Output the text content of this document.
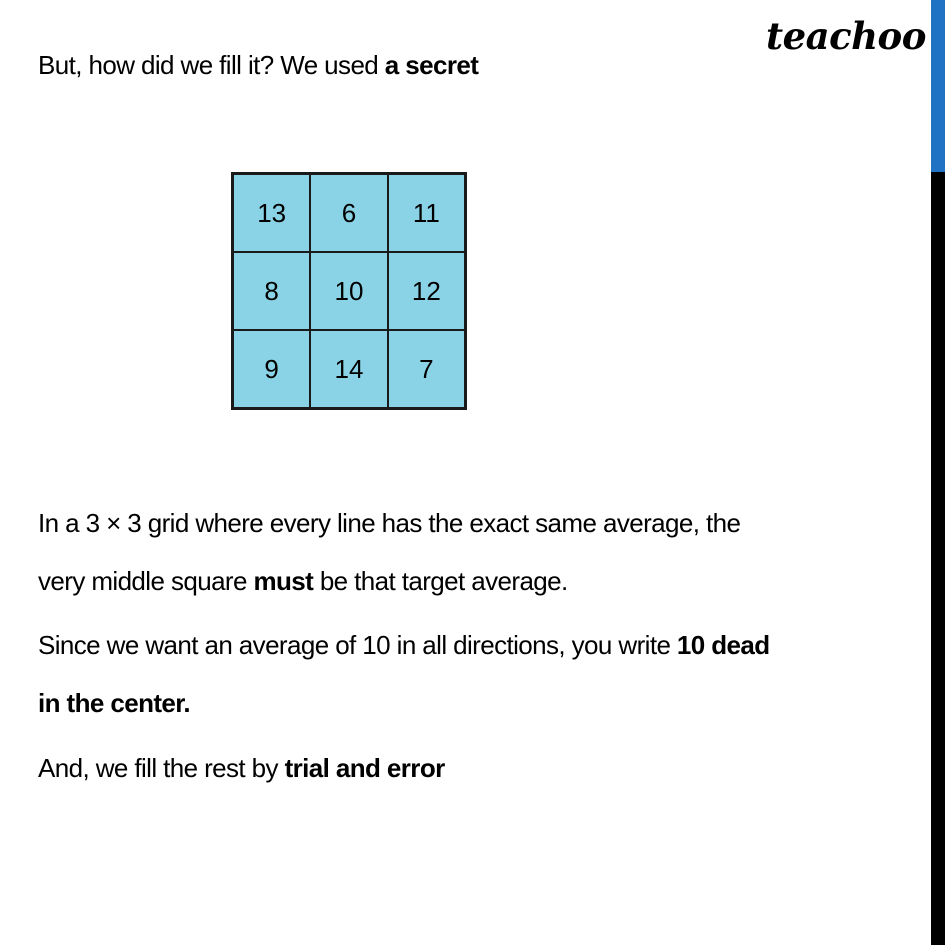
teachoo
But, how did we fill it? We used a secret
13	6	11
8	10	12
9	14	7
In a 3 × 3 grid where every line has the exact same average, the
very middle square must be that target average.
Since we want an average of 10 in all directions, you write 10 dead
in the center.
And, we fill the rest by trial and error
